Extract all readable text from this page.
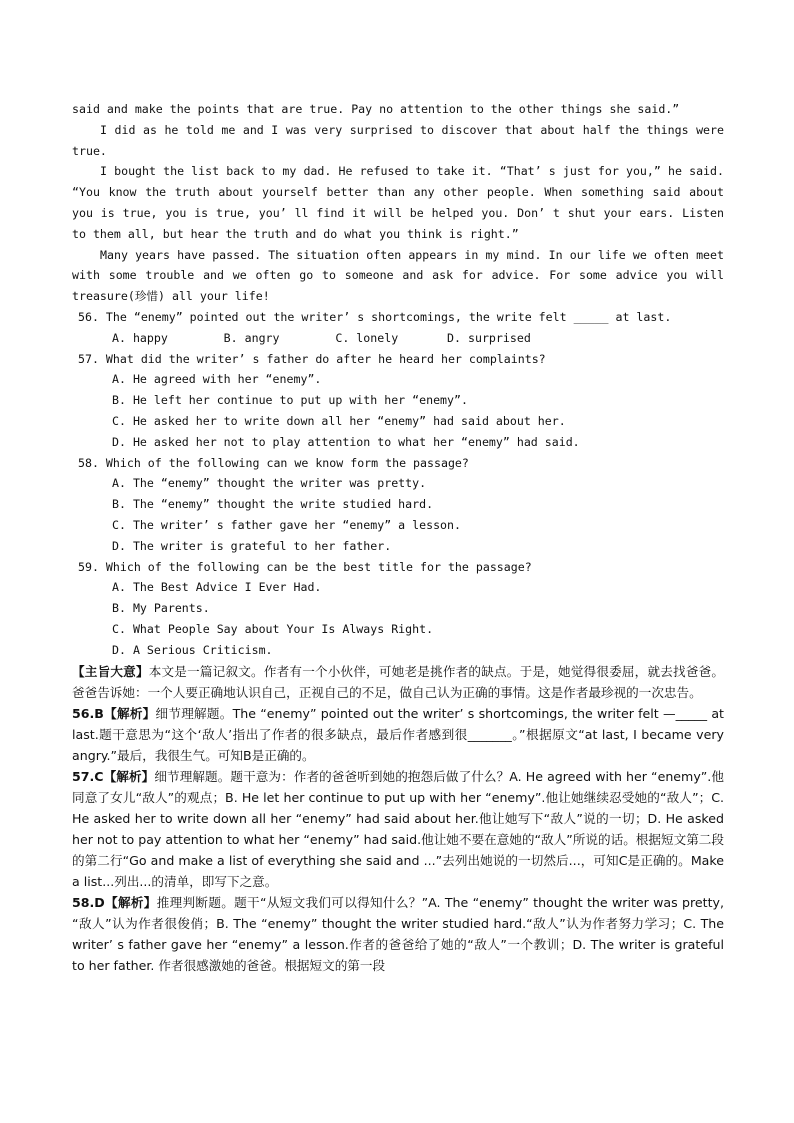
said and make the points that are true. Pay no attention to the other things she said.”
I did as he told me and I was very surprised to discover that about half the things were true.
I bought the list back to my dad. He refused to take it. “That’ s just for you,” he said. “You know the truth about yourself better than any other people. When something said about you is true, you is true, you’ ll find it will be helped you. Don’ t shut your ears. Listen to them all, but hear the truth and do what you think is right.”
Many years have passed. The situation often appears in my mind. In our life we often meet with some trouble and we often go to someone and ask for advice. For some advice you will treasure(珍惜) all your life!
56. The “enemy” pointed out the writer’ s shortcomings, the write felt _____ at last.
A. happy        B. angry        C. lonely       D. surprised
57. What did the writer’ s father do after he heard her complaints?
A. He agreed with her “enemy”.
B. He left her continue to put up with her “enemy”.
C. He asked her to write down all her “enemy” had said about her.
D. He asked her not to play attention to what her “enemy” had said.
58. Which of the following can we know form the passage?
A. The “enemy” thought the writer was pretty.
B. The “enemy” thought the write studied hard.
C. The writer’ s father gave her “enemy” a lesson.
D. The writer is grateful to her father.
59. Which of the following can be the best title for the passage?
A. The Best Advice I Ever Had.
B. My Parents.
C. What People Say about Your Is Always Right.
D. A Serious Criticism.
【主旨大意】本文是一篇记叙文。作者有一个小伙伴，可她老是挑作者的缺点。于是，她觉得很委屈，就去找爸爸。爸爸告诉她：一个人要正确地认识自己，正视自己的不足，做自己认为正确的事情。这是作者最珍视的一次忠告。
56.B【解析】细节理解题。The “enemy” pointed out the writer’ s shortcomings, the writer felt —_____ at last.题干意思为“这个‘敌人’指出了作者的很多缺点，最后作者感到很_______。”根据原文“at last, I became very angry.”最后，我很生气。可知B是正确的。
57.C【解析】细节理解题。题干意为：作者的爸爸听到她的抱怨后做了什么？A. He agreed with her “enemy”.他同意了女儿“敌人”的观点；B. He let her continue to put up with her “enemy”.他让她继续忍受她的“敌人”；C. He asked her to write down all her “enemy” had said about her.他让她写下“敌人”说的一切；D. He asked her not to pay attention to what her “enemy” had said.他让她不要在意她的“敌人”所说的话。根据短文第二段的第二行“Go and make a list of everything she said and ...”去列出她说的一切然后...，可知C是正确的。Make a list...列出...的清单，即写下之意。
58.D【解析】推理判断题。题干“从短文我们可以得知什么？”A. The “enemy” thought the writer was pretty, “敌人”认为作者很俊俏；B. The “enemy” thought the writer studied hard.“敌人”认为作者努力学习；C. The writer’ s father gave her “enemy” a lesson.作者的爸爸给了她的“敌人”一个教训；D. The writer is grateful to her father. 作者很感激她的爸爸。根据短文的第一段
